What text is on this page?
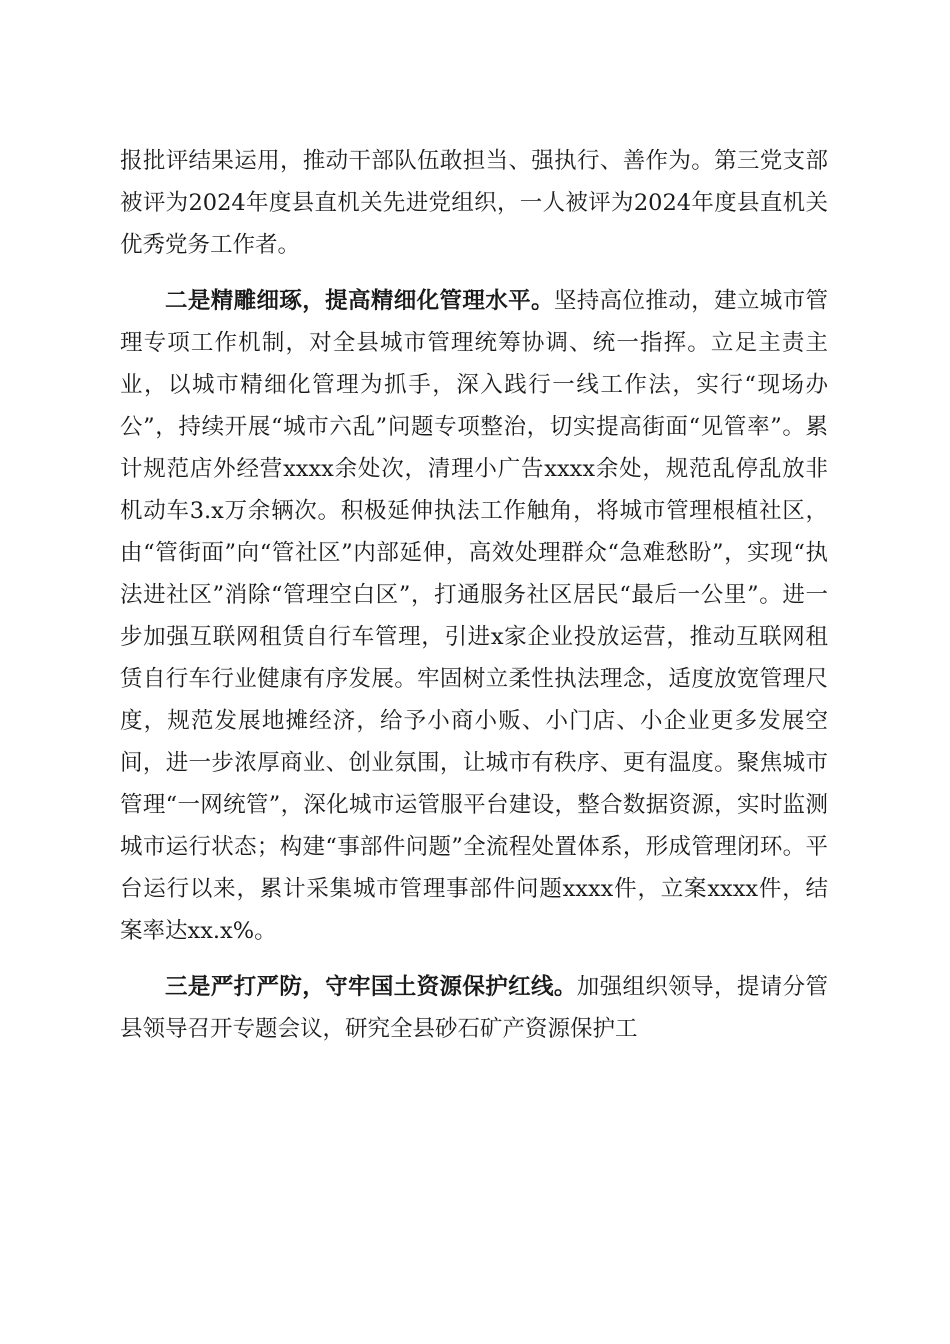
报批评结果运用，推动干部队伍敢担当、强执行、善作为。第三党支部被评为2024年度县直机关先进党组织，一人被评为2024年度县直机关优秀党务工作者。

二是精雕细琢，提高精细化管理水平。坚持高位推动，建立城市管理专项工作机制，对全县城市管理统筹协调、统一指挥。立足主责主业，以城市精细化管理为抓手，深入践行一线工作法，实行“现场办公”，持续开展“城市六乱”问题专项整治，切实提高街面“见管率”。累计规范店外经营xxxx余处次，清理小广告xxxx余处，规范乱停乱放非机动车3.x万余辆次。积极延伸执法工作触角，将城市管理根植社区，由“管街面”向“管社区”内部延伸，高效处理群众“急难愁盼”，实现“执法进社区”消除“管理空白区”，打通服务社区居民“最后一公里”。进一步加强互联网租赁自行车管理，引进x家企业投放运营，推动互联网租赁自行车行业健康有序发展。牢固树立柔性执法理念，适度放宽管理尺度，规范发展地摊经济，给予小商小贩、小门店、小企业更多发展空间，进一步浓厚商业、创业氛围，让城市有秩序、更有温度。聚焦城市管理“一网统管”，深化城市运管服平台建设，整合数据资源，实时监测城市运行状态；构建“事部件问题”全流程处置体系，形成管理闭环。平台运行以来，累计采集城市管理事部件问题xxxx件，立案xxxx件，结案率达xx.x%。

三是严打严防，守牢国土资源保护红线。加强组织领导，提请分管县领导召开专题会议，研究全县砂石矿产资源保护工
